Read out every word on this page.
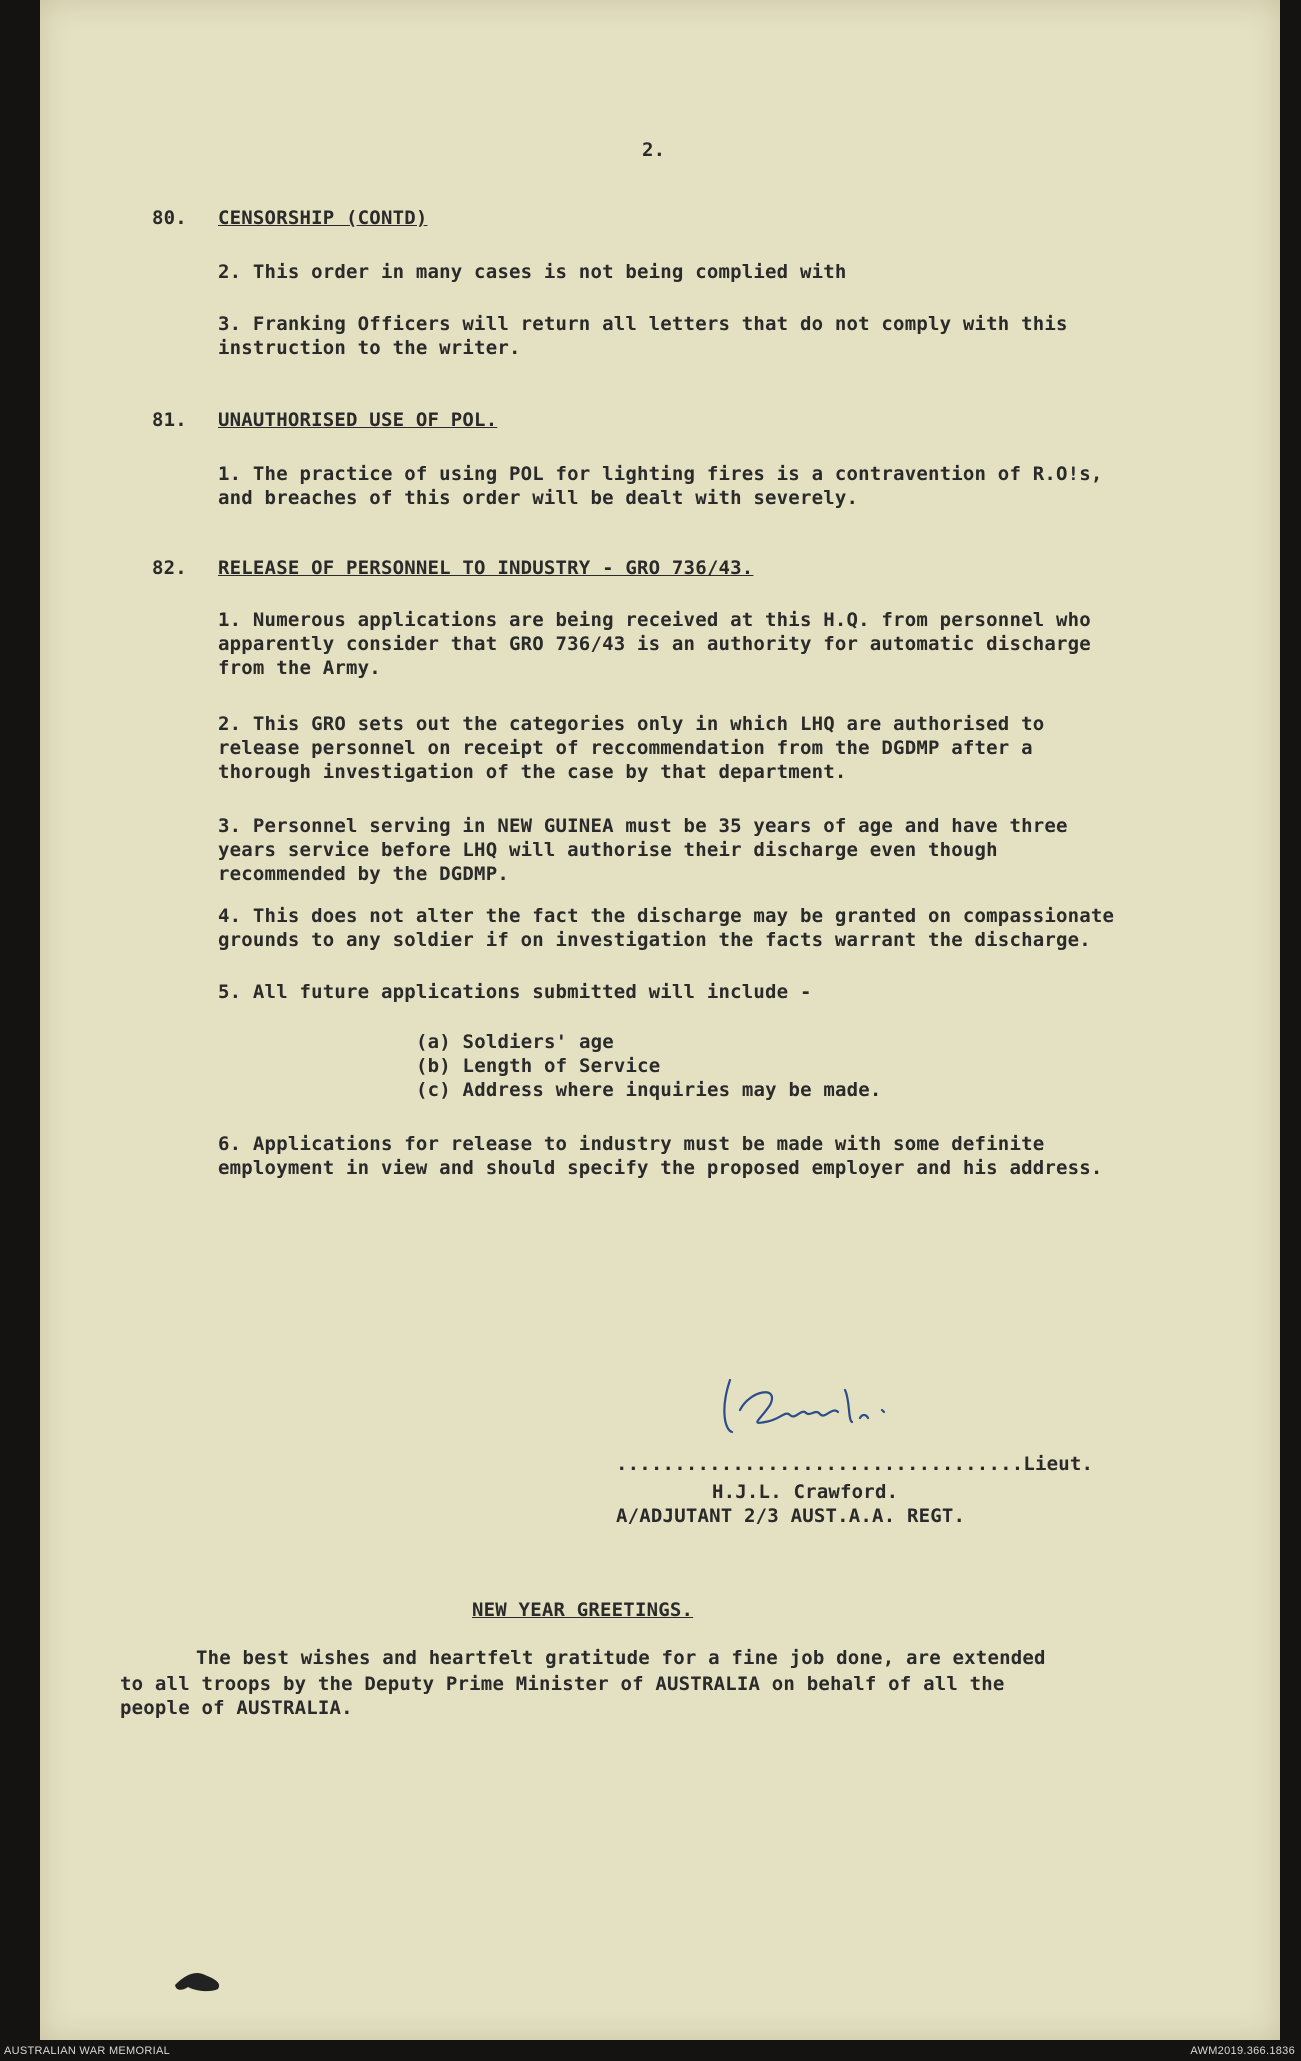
2.
80. CENSORSHIP (CONTD)
2. This order in many cases is not being complied with
3. Franking Officers will return all letters that do not comply with this
instruction to the writer.
81. UNAUTHORISED USE OF POL.
1. The practice of using POL for lighting fires is a contravention of R.O!s,
and breaches of this order will be dealt with severely.
82. RELEASE OF PERSONNEL TO INDUSTRY - GRO 736/43.
1. Numerous applications are being received at this H.Q. from personnel who
apparently consider that GRO 736/43 is an authority for automatic discharge
from the Army.
2. This GRO sets out the categories only in which LHQ are authorised to
release personnel on receipt of reccommendation from the DGDMP after a
thorough investigation of the case by that department.
3. Personnel serving in NEW GUINEA must be 35 years of age and have three
years service before LHQ will authorise their discharge even though
recommended by the DGDMP.
4. This does not alter the fact the discharge may be granted on compassionate
grounds to any soldier if on investigation the facts warrant the discharge.
5. All future applications submitted will include -
(a) Soldiers' age
(b) Length of Service
(c) Address where inquiries may be made.
6. Applications for release to industry must be made with some definite
employment in view and should specify the proposed employer and his address.
...................................Lieut.
H.J.L. Crawford.
A/ADJUTANT 2/3 AUST.A.A. REGT.
NEW YEAR GREETINGS.
The best wishes and heartfelt gratitude for a fine job done, are extended
to all troops by the Deputy Prime Minister of AUSTRALIA on behalf of all the
people of AUSTRALIA.
AUSTRALIAN WAR MEMORIAL	AWM2019.366.1836
